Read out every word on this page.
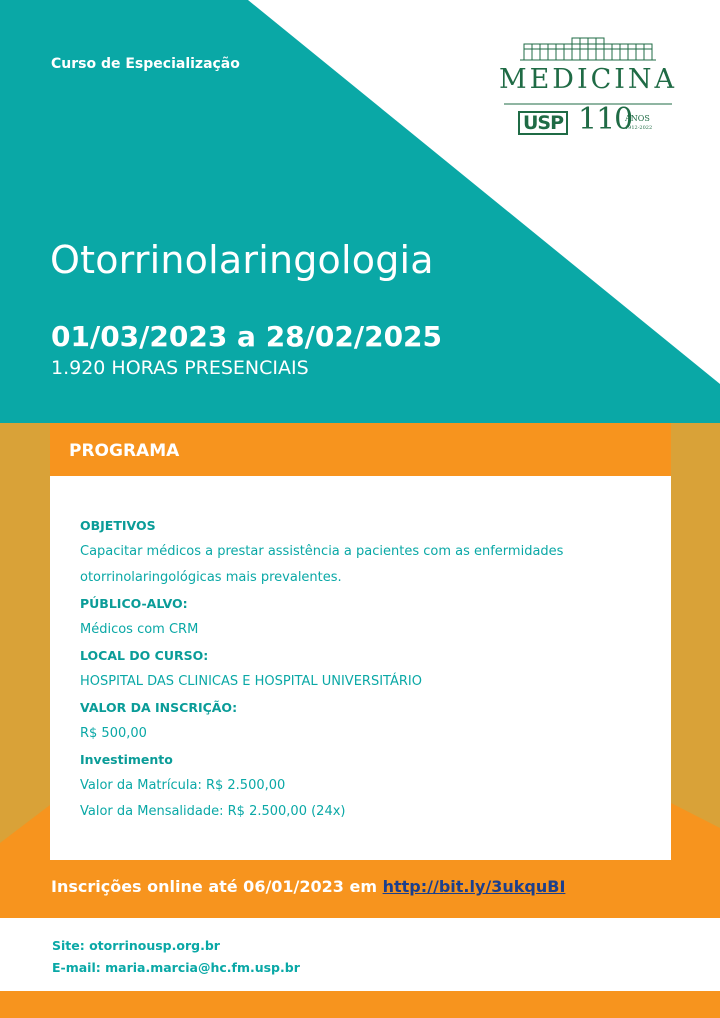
Curso de Especialização	MEDICINA
USP 110
ANOS
1912-2022
Otorrinolaringologia
01/03/2023 a 28/02/2025
1.920 HORAS PRESENCIAIS
PROGRAMA
OBJETIVOS
Capacitar médicos a prestar assistência a pacientes com as enfermidades
otorrinolaringológicas mais prevalentes.
PÚBLICO-ALVO:
Médicos com CRM
LOCAL DO CURSO:
HOSPITAL DAS CLINICAS E HOSPITAL UNIVERSITÁRIO
VALOR DA INSCRIÇÃO:
R$ 500,00
Investimento
Valor da Matrícula: R$ 2.500,00
Valor da Mensalidade: R$ 2.500,00 (24x)
Inscrições online até 06/01/2023 em http://bit.ly/3ukquBI
Site: otorrinousp.org.br
E-mail: maria.marcia@hc.fm.usp.br
